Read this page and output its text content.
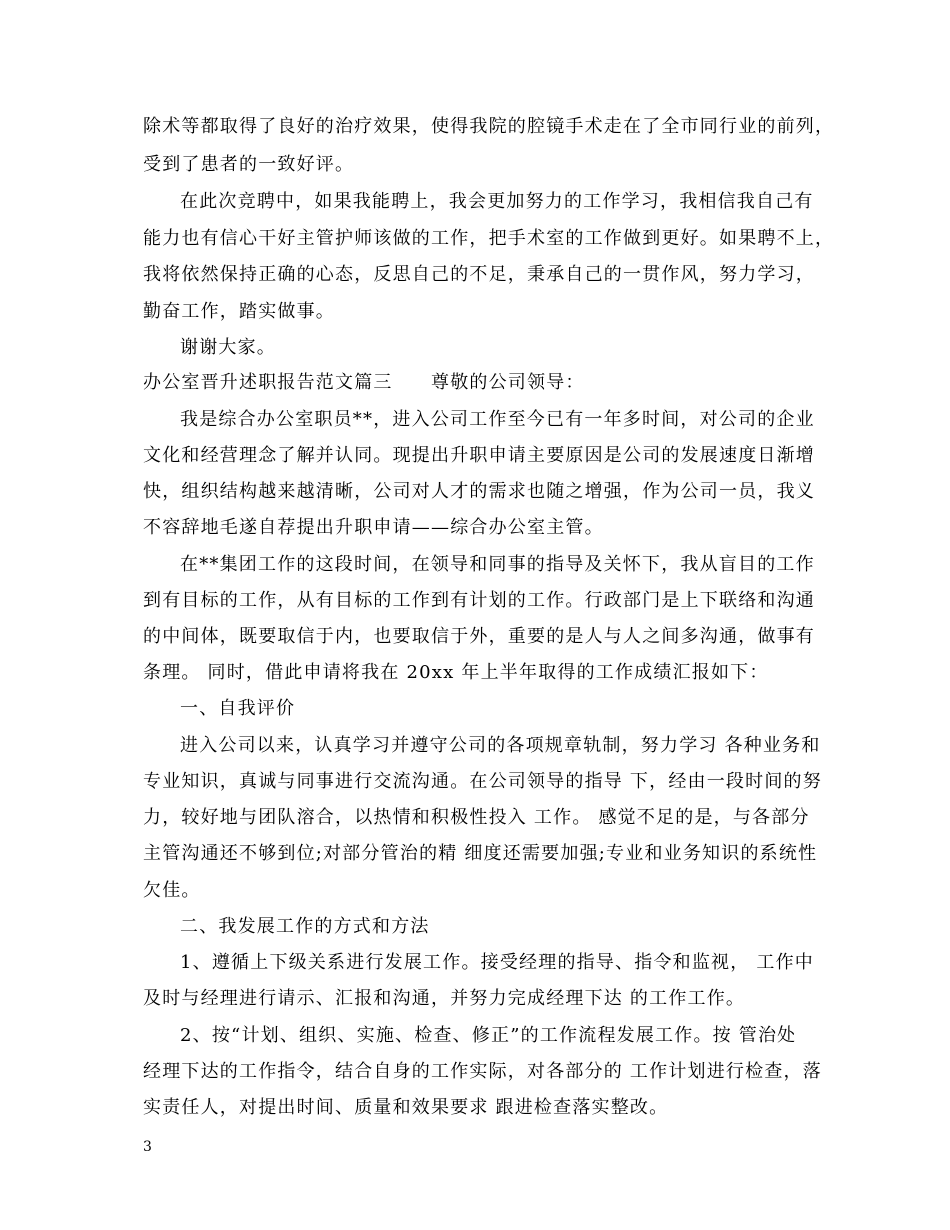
除术等都取得了良好的治疗效果，使得我院的腔镜手术走在了全市同行业的前列，
受到了患者的一致好评。
在此次竞聘中，如果我能聘上，我会更加努力的工作学习，我相信我自己有
能力也有信心干好主管护师该做的工作，把手术室的工作做到更好。如果聘不上，
我将依然保持正确的心态，反思自己的不足，秉承自己的一贯作风，努力学习，
勤奋工作，踏实做事。
谢谢大家。
办公室晋升述职报告范文篇三　　尊敬的公司领导：
我是综合办公室职员**，进入公司工作至今已有一年多时间，对公司的企业
文化和经营理念了解并认同。现提出升职申请主要原因是公司的发展速度日渐增
快，组织结构越来越清晰，公司对人才的需求也随之增强，作为公司一员，我义
不容辞地毛遂自荐提出升职申请——综合办公室主管。
在**集团工作的这段时间，在领导和同事的指导及关怀下，我从盲目的工作
到有目标的工作，从有目标的工作到有计划的工作。行政部门是上下联络和沟通
的中间体，既要取信于内，也要取信于外，重要的是人与人之间多沟通，做事有
条理。 同时，借此申请将我在 20xx 年上半年取得的工作成绩汇报如下：
一、自我评价
进入公司以来，认真学习并遵守公司的各项规章轨制，努力学习 各种业务和
专业知识，真诚与同事进行交流沟通。在公司领导的指导 下，经由一段时间的努
力，较好地与团队溶合，以热情和积极性投入 工作。 感觉不足的是，与各部分
主管沟通还不够到位;对部分管治的精 细度还需要加强;专业和业务知识的系统性
欠佳。
二、我发展工作的方式和方法
1、遵循上下级关系进行发展工作。接受经理的指导、指令和监视， 工作中
及时与经理进行请示、汇报和沟通，并努力完成经理下达 的工作工作。
2、按“计划、组织、实施、检查、修正”的工作流程发展工作。按 管治处
经理下达的工作指令，结合自身的工作实际，对各部分的 工作计划进行检查，落
实责任人，对提出时间、质量和效果要求 跟进检查落实整改。
3
